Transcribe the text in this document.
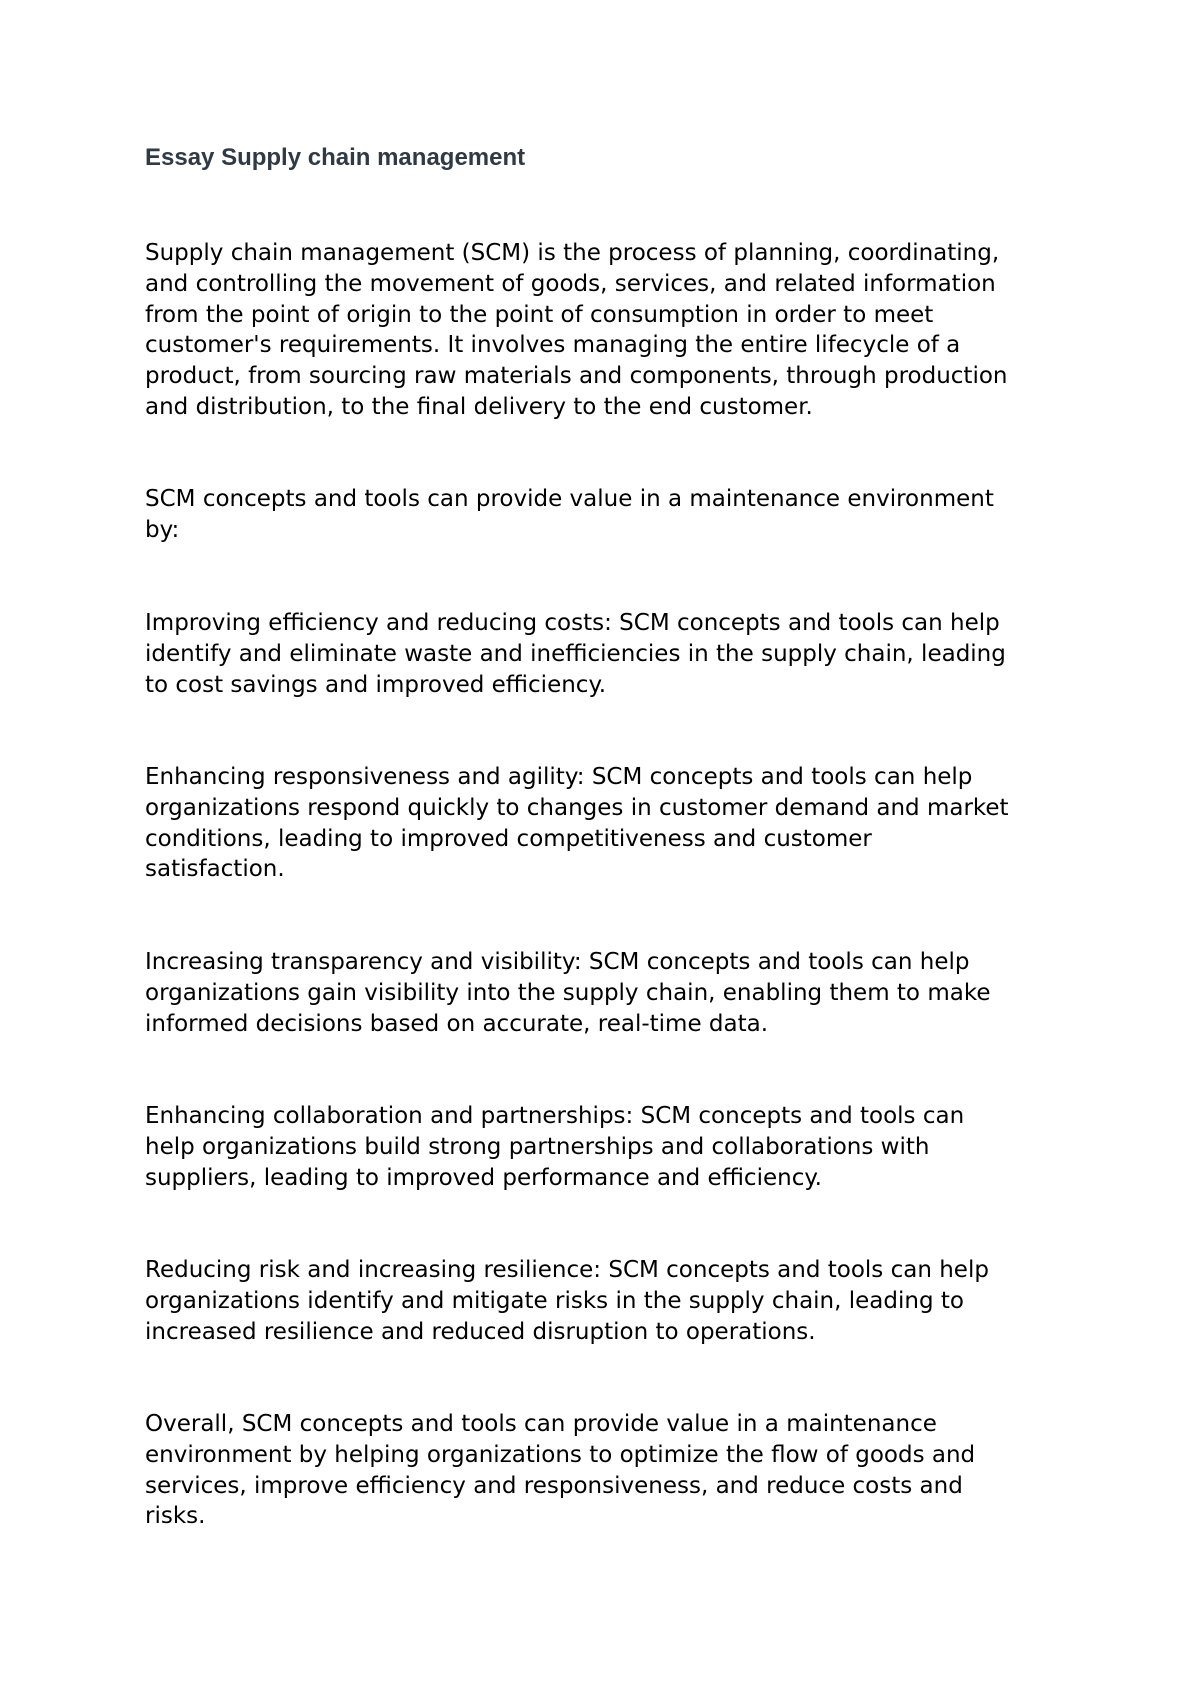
Essay Supply chain management

Supply chain management (SCM) is the process of planning, coordinating,
and controlling the movement of goods, services, and related information
from the point of origin to the point of consumption in order to meet
customer's requirements. It involves managing the entire lifecycle of a
product, from sourcing raw materials and components, through production
and distribution, to the final delivery to the end customer.

SCM concepts and tools can provide value in a maintenance environment
by:

Improving efficiency and reducing costs: SCM concepts and tools can help
identify and eliminate waste and inefficiencies in the supply chain, leading
to cost savings and improved efficiency.

Enhancing responsiveness and agility: SCM concepts and tools can help
organizations respond quickly to changes in customer demand and market
conditions, leading to improved competitiveness and customer
satisfaction.

Increasing transparency and visibility: SCM concepts and tools can help
organizations gain visibility into the supply chain, enabling them to make
informed decisions based on accurate, real-time data.

Enhancing collaboration and partnerships: SCM concepts and tools can
help organizations build strong partnerships and collaborations with
suppliers, leading to improved performance and efficiency.

Reducing risk and increasing resilience: SCM concepts and tools can help
organizations identify and mitigate risks in the supply chain, leading to
increased resilience and reduced disruption to operations.

Overall, SCM concepts and tools can provide value in a maintenance
environment by helping organizations to optimize the flow of goods and
services, improve efficiency and responsiveness, and reduce costs and
risks.
